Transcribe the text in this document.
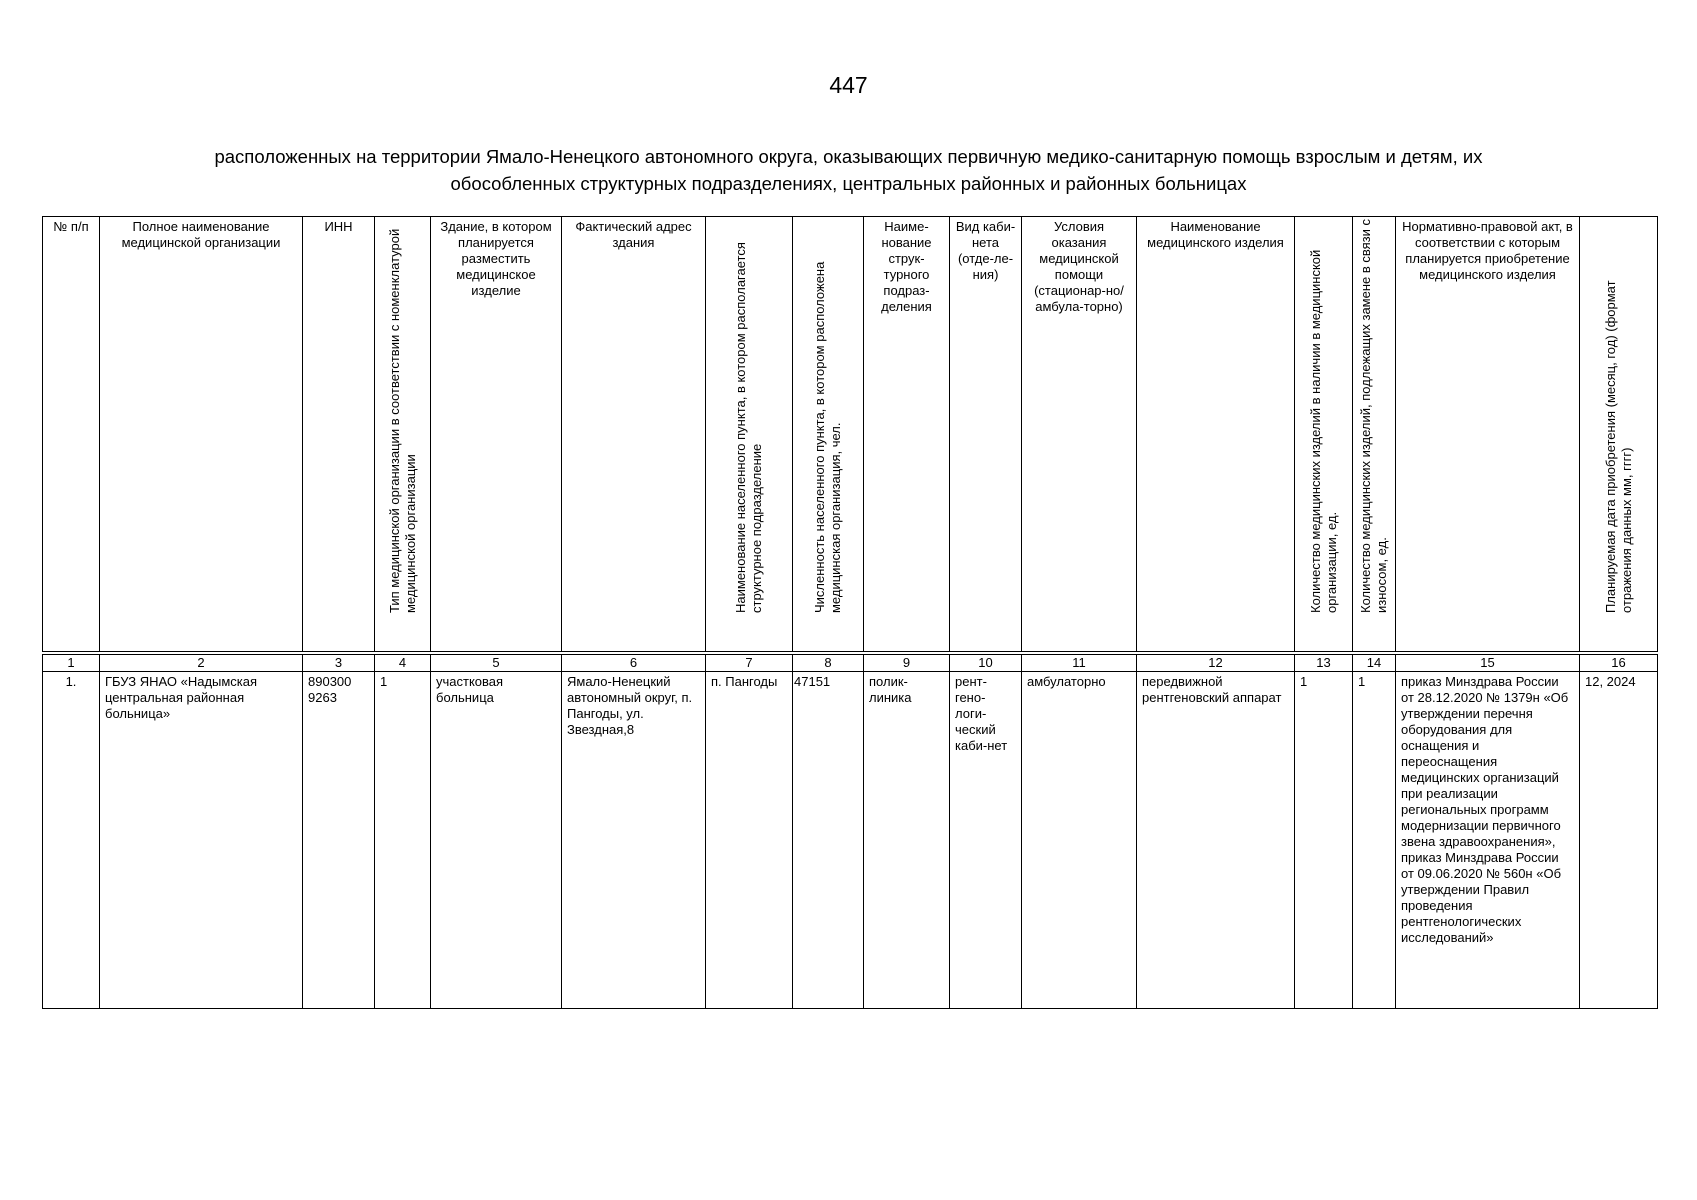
447
расположенных на территории Ямало-Ненецкого автономного округа, оказывающих первичную медико-санитарную помощь взрослым и детям, их
обособленных структурных подразделениях, центральных районных и районных больницах
№ п/п	Полное наименование медицинской организации	ИНН	Тип медицинской организации в соответствии с номенклатурой медицинской организации	Здание, в котором планируется разместить медицинское изделие	Фактический адрес здания	Наименование населенного пункта, в котором располагается структурное подразделение	Численность населенного пункта, в котором расположена медицинская организация, чел.	Наиме-нование струк-турного подраз-деления	Вид каби-нета (отде-ле-ния)	Условия оказания медицинской помощи (стационар-но/амбула-торно)	Наименование медицинского изделия	Количество медицинских изделий в наличии в медицинской организации, ед.	Количество медицинских изделий, подлежащих замене в связи с износом, ед.	Нормативно-правовой акт, в соответствии с которым планируется приобретение медицинского изделия	Планируемая дата приобретения (месяц, год) (формат отражения данных мм, гггг)

1	2	3	4	5	6	7	8	9	10	11	12	13	14	15	16
1.	ГБУЗ ЯНАО «Надымская центральная районная больница»	890300 9263	1	участковая больница	Ямало-Ненецкий автономный округ, п. Пангоды, ул. Звездная,8	п. Пангоды	47151	полик-линика	рент-гено-логи-ческий каби-нет	амбулаторно	передвижной рентгеновский аппарат	1	1	приказ Минздрава России от 28.12.2020 № 1379н «Об утверждении перечня оборудования для оснащения и переоснащения медицинских организаций при реализации региональных программ модернизации первичного звена здравоохранения», приказ Минздрава России от 09.06.2020 № 560н «Об утверждении Правил проведения рентгенологических исследований»	12, 2024
